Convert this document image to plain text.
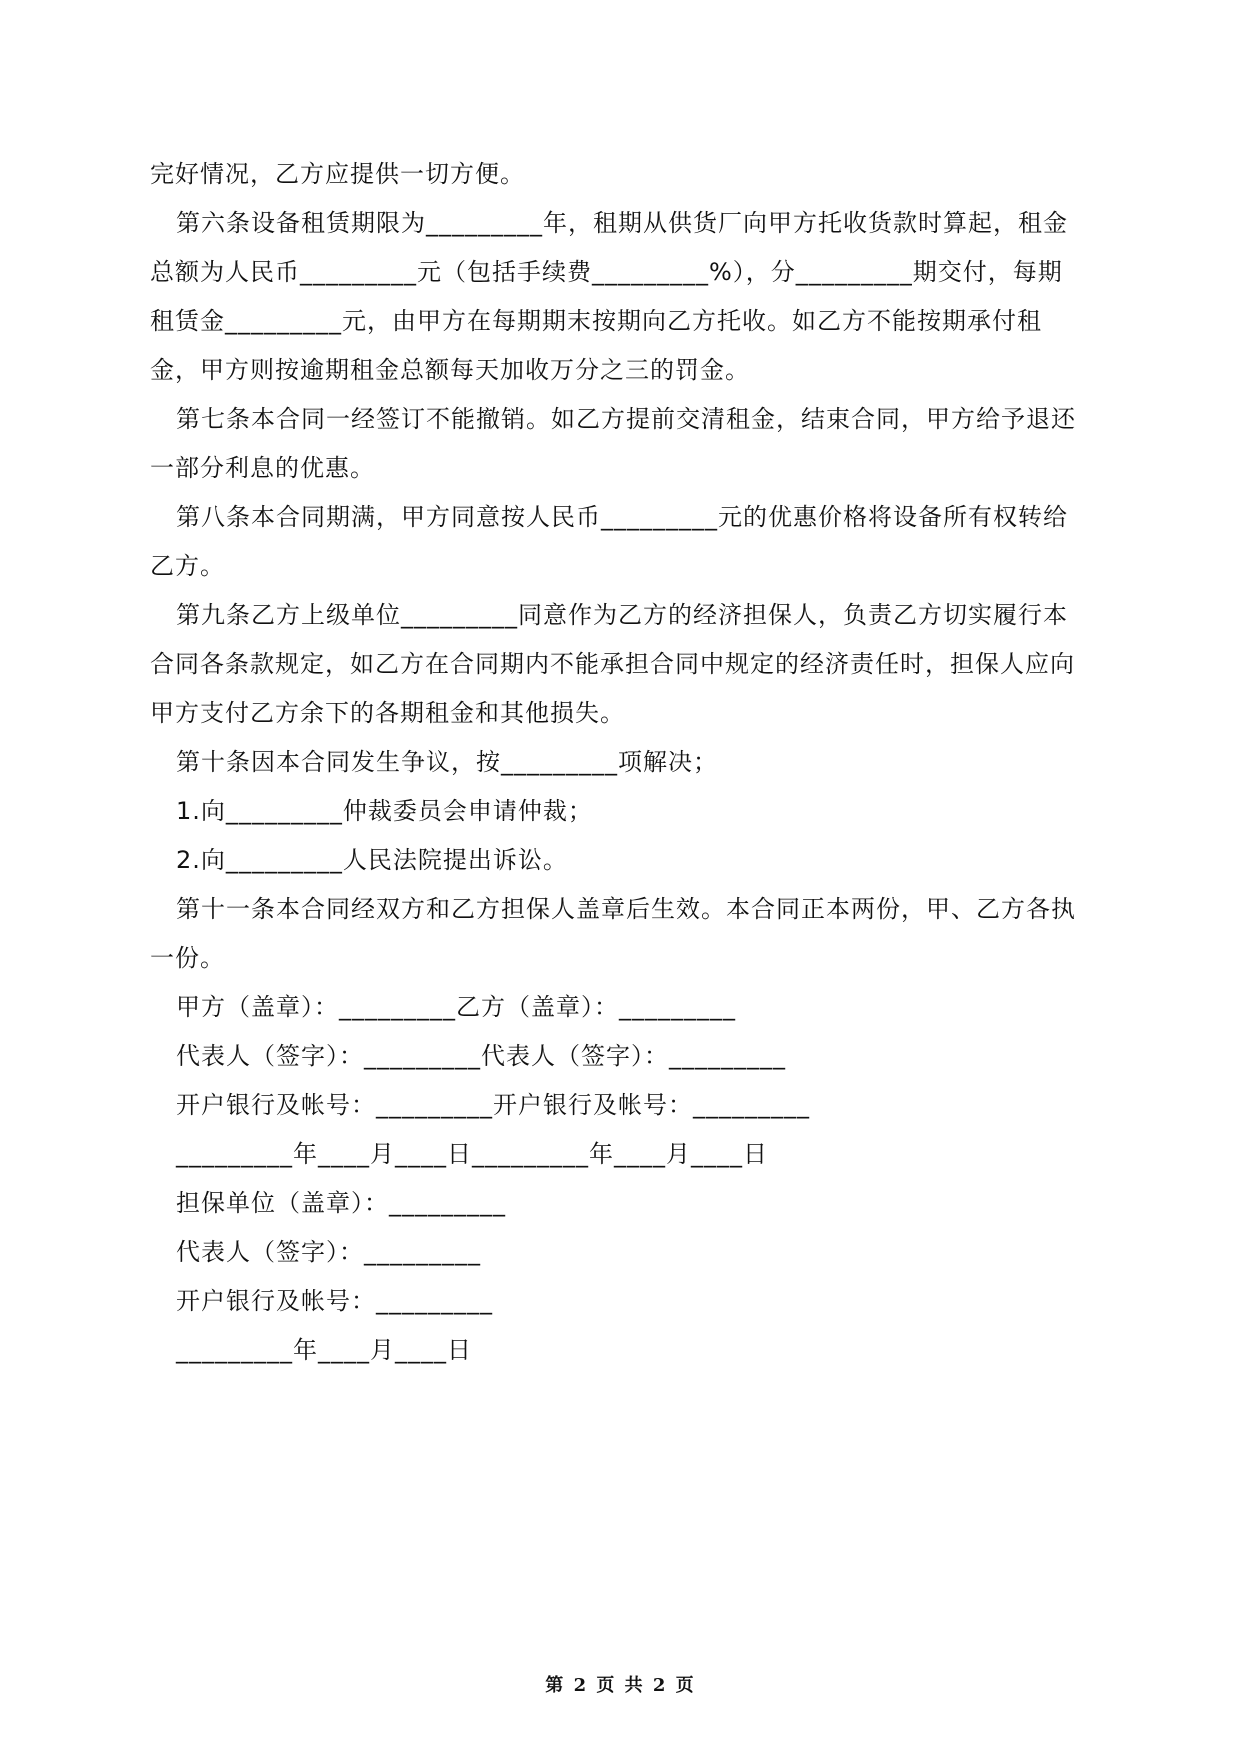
完好情况，乙方应提供一切方便。

第六条设备租赁期限为_________年，租期从供货厂向甲方托收货款时算起，租金总额为人民币_________元（包括手续费_________%），分_________期交付，每期租赁金_________元，由甲方在每期期末按期向乙方托收。如乙方不能按期承付租金，甲方则按逾期租金总额每天加收万分之三的罚金。

第七条本合同一经签订不能撤销。如乙方提前交清租金，结束合同，甲方给予退还一部分利息的优惠。

第八条本合同期满，甲方同意按人民币_________元的优惠价格将设备所有权转给乙方。

第九条乙方上级单位_________同意作为乙方的经济担保人，负责乙方切实履行本合同各条款规定，如乙方在合同期内不能承担合同中规定的经济责任时，担保人应向甲方支付乙方余下的各期租金和其他损失。

第十条因本合同发生争议，按_________项解决；

1.向_________仲裁委员会申请仲裁；

2.向_________人民法院提出诉讼。

第十一条本合同经双方和乙方担保人盖章后生效。本合同正本两份，甲、乙方各执一份。

甲方（盖章）：_________乙方（盖章）：_________

代表人（签字）：_________代表人（签字）：_________

开户银行及帐号：_________开户银行及帐号：_________

_________年____月____日_________年____月____日

担保单位（盖章）：_________

代表人（签字）：_________

开户银行及帐号：_________

_________年____月____日

第 2 页 共 2 页
